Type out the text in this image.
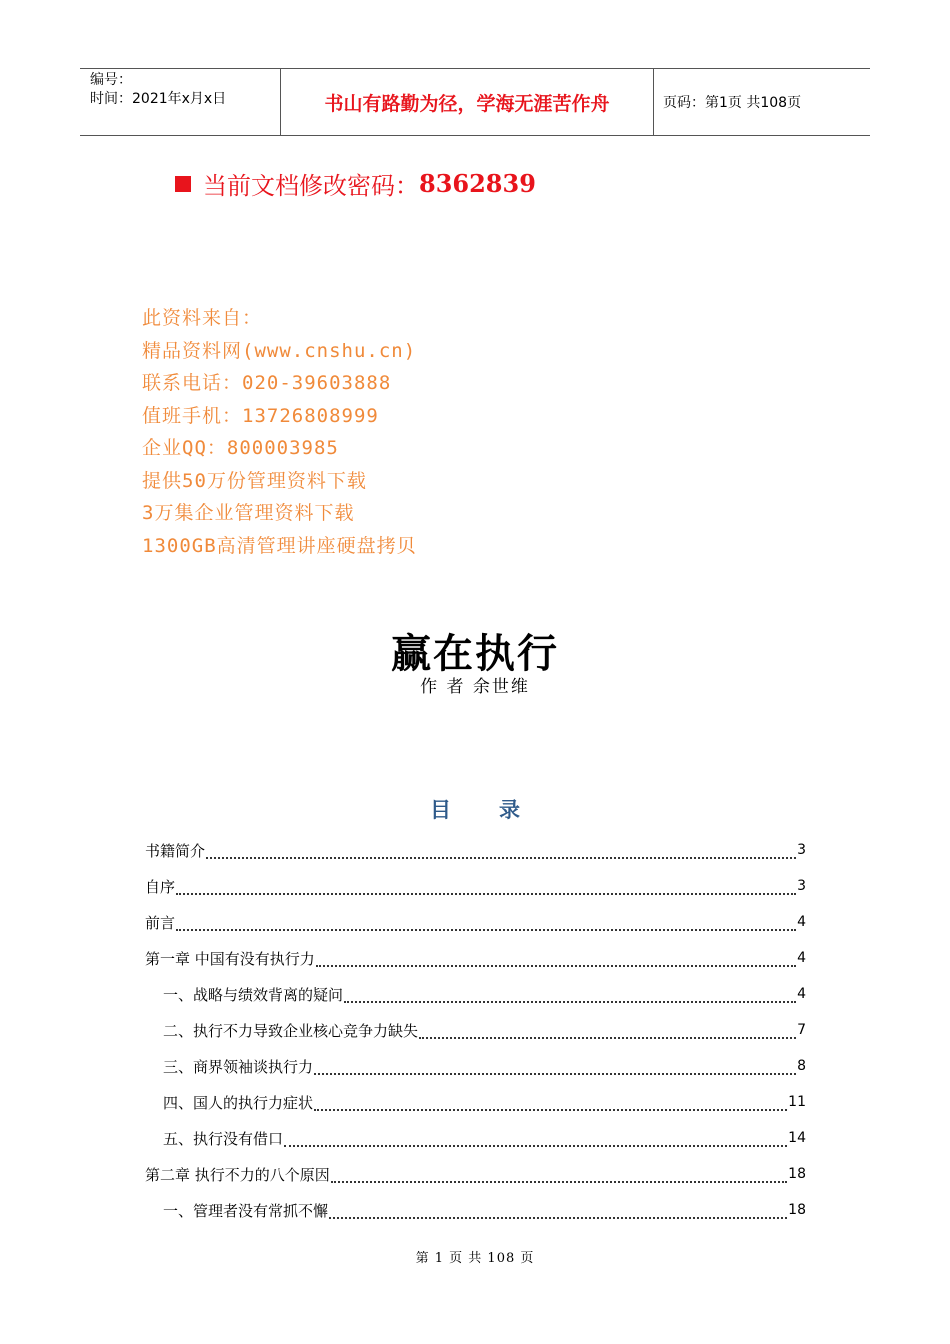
编号：
时间：2021年x月x日	书山有路勤为径，学海无涯苦作舟	页码：第1页 共108页
当前文档修改密码： 8362839
此资料来自：
精品资料网(www.cnshu.cn)
联系电话：020-39603888
值班手机：13726808999
企业QQ：800003985
提供50万份管理资料下载
3万集企业管理资料下载
1300GB高清管理讲座硬盘拷贝
赢在执行
作 者 余世维
目 录
书籍简介	3
自序	3
前言	4
第一章 中国有没有执行力	4
一、战略与绩效背离的疑问	4
二、执行不力导致企业核心竞争力缺失	7
三、商界领袖谈执行力	8
四、国人的执行力症状	11
五、执行没有借口	14
第二章 执行不力的八个原因	18
一、管理者没有常抓不懈	18
第 1 页 共 108 页
